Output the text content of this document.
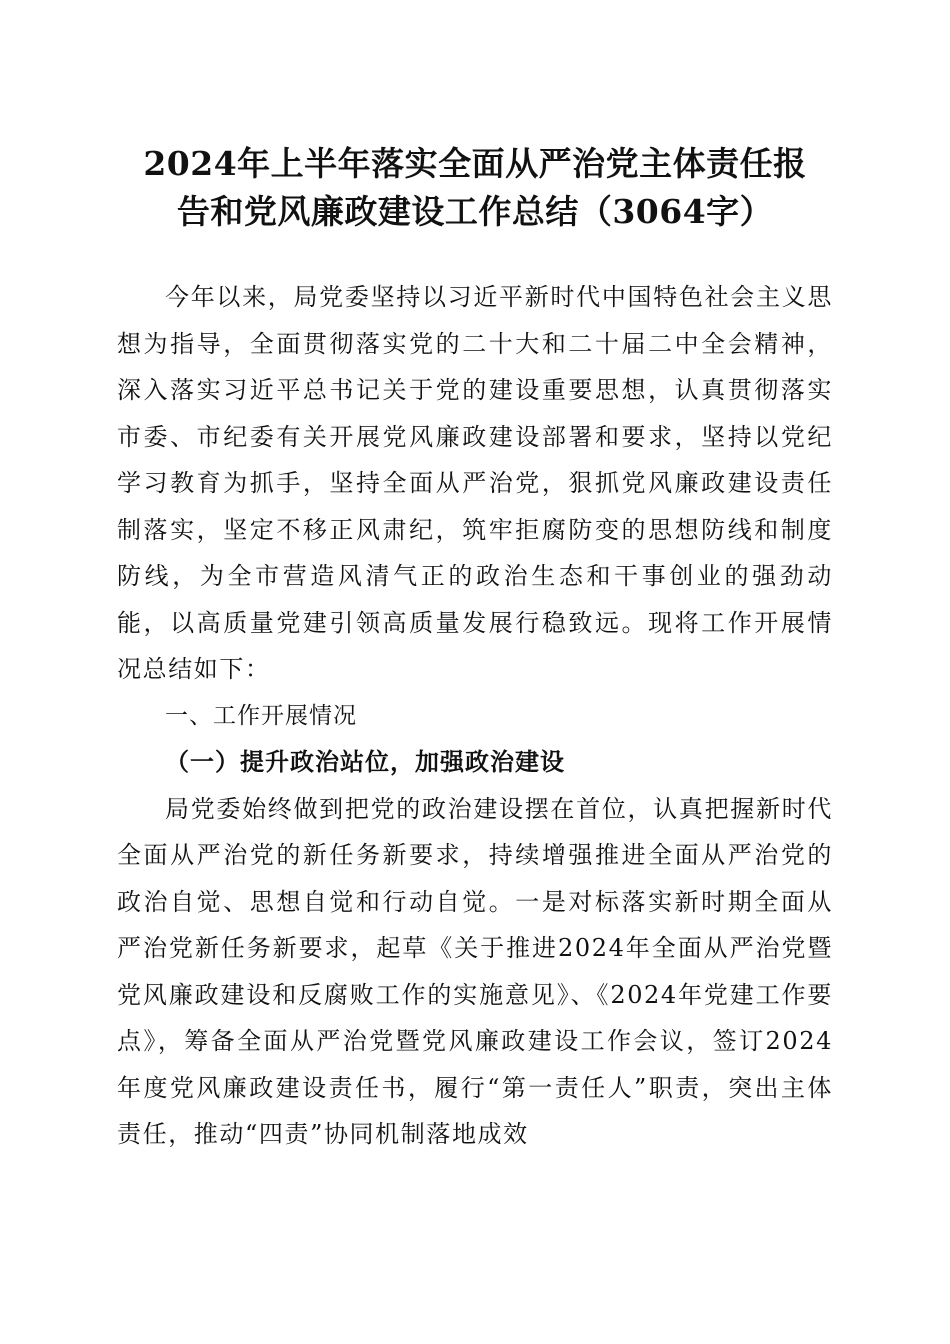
2024年上半年落实全面从严治党主体责任报
告和党风廉政建设工作总结（3064字）

今年以来，局党委坚持以习近平新时代中国特色社会主义思想为指导，全面贯彻落实党的二十大和二十届二中全会精神，深入落实习近平总书记关于党的建设重要思想，认真贯彻落实市委、市纪委有关开展党风廉政建设部署和要求，坚持以党纪学习教育为抓手，坚持全面从严治党，狠抓党风廉政建设责任制落实，坚定不移正风肃纪，筑牢拒腐防变的思想防线和制度防线，为全市营造风清气正的政治生态和干事创业的强劲动能，以高质量党建引领高质量发展行稳致远。现将工作开展情况总结如下：

一、工作开展情况

（一）提升政治站位，加强政治建设

局党委始终做到把党的政治建设摆在首位，认真把握新时代全面从严治党的新任务新要求，持续增强推进全面从严治党的政治自觉、思想自觉和行动自觉。一是对标落实新时期全面从严治党新任务新要求，起草《关于推进2024年全面从严治党暨党风廉政建设和反腐败工作的实施意见》、《2024年党建工作要点》，筹备全面从严治党暨党风廉政建设工作会议，签订2024年度党风廉政建设责任书，履行“第一责任人”职责，突出主体责任，推动“四责”协同机制落地成效
